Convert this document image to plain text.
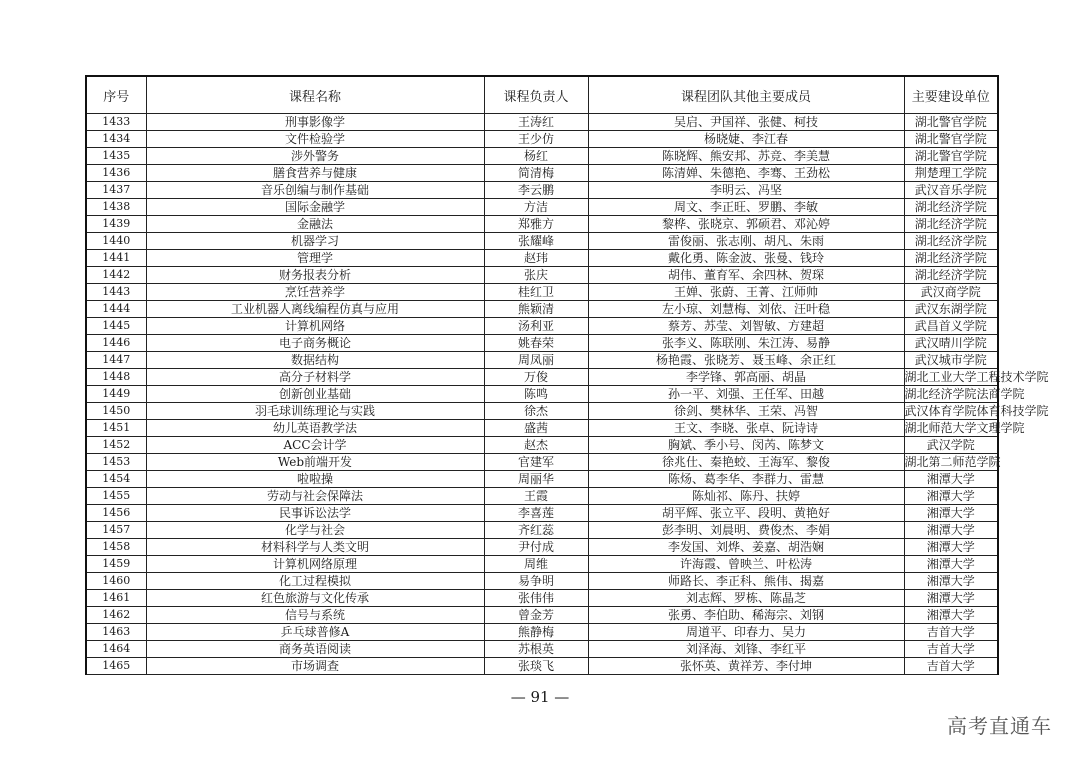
序号	课程名称	课程负责人	课程团队其他主要成员	主要建设单位
1433	刑事影像学	王涛红	吴启、尹国祥、张健、柯技	湖北警官学院
1434	文件检验学	王少仿	杨晓婕、李江春	湖北警官学院
1435	涉外警务	杨红	陈晓辉、熊安邦、苏竞、李美慧	湖北警官学院
1436	膳食营养与健康	简清梅	陈清婵、朱德艳、李骞、王劲松	荆楚理工学院
1437	音乐创编与制作基础	李云鹏	李明云、冯坚	武汉音乐学院
1438	国际金融学	方洁	周文、李正旺、罗鹏、李敏	湖北经济学院
1439	金融法	郑雅方	黎桦、张晓京、郭硕君、邓沁婷	湖北经济学院
1440	机器学习	张耀峰	雷俊丽、张志刚、胡凡、朱雨	湖北经济学院
1441	管理学	赵玮	戴化勇、陈金波、张曼、钱玲	湖北经济学院
1442	财务报表分析	张庆	胡伟、董育军、余四林、贺琛	湖北经济学院
1443	烹饪营养学	桂红卫	王婵、张蔚、王菁、江师帅	武汉商学院
1444	工业机器人离线编程仿真与应用	熊颖清	左小琼、刘慧梅、刘依、汪叶稳	武汉东湖学院
1445	计算机网络	汤利亚	蔡芳、苏莹、刘智敏、方建超	武昌首义学院
1446	电子商务概论	姚春荣	张李义、陈联刚、朱江涛、易静	武汉晴川学院
1447	数据结构	周凤丽	杨艳霞、张晓芳、聂玉峰、余正红	武汉城市学院
1448	高分子材料学	万俊	李学锋、郭高丽、胡晶	湖北工业大学工程技术学院
1449	创新创业基础	陈鸣	孙一平、刘强、王任军、田越	湖北经济学院法商学院
1450	羽毛球训练理论与实践	徐杰	徐剑、樊林华、王荣、冯智	武汉体育学院体育科技学院
1451	幼儿英语教学法	盛茜	王文、李晓、张卓、阮诗诗	湖北师范大学文理学院
1452	ACC会计学	赵杰	胸斌、季小号、闵芮、陈梦文	武汉学院
1453	Web前端开发	官建军	徐兆仕、秦艳蛟、王海军、黎俊	湖北第二师范学院
1454	啦啦操	周丽华	陈炀、葛李华、李群力、雷慧	湘潭大学
1455	劳动与社会保障法	王霞	陈灿祁、陈丹、扶婷	湘潭大学
1456	民事诉讼法学	李喜莲	胡平辉、张立平、段明、黄艳好	湘潭大学
1457	化学与社会	齐红蕊	彭李明、刘晨明、费俊杰、李娟	湘潭大学
1458	材料科学与人类文明	尹付成	李发国、刘烨、姜嘉、胡浩娴	湘潭大学
1459	计算机网络原理	周维	许海霞、曾映兰、叶松涛	湘潭大学
1460	化工过程模拟	易争明	师路长、李正科、熊伟、揭嘉	湘潭大学
1461	红色旅游与文化传承	张伟伟	刘志辉、罗栋、陈晶芝	湘潭大学
1462	信号与系统	曾金芳	张勇、李伯助、稀海宗、刘钢	湘潭大学
1463	乒乓球普修A	熊静梅	周道平、印春力、吴力	吉首大学
1464	商务英语阅读	苏根英	刘泽海、刘锋、李红平	吉首大学
1465	市场调查	张琰飞	张怀英、黄祥芳、李付坤	吉首大学
— 91 —
高考直通车
